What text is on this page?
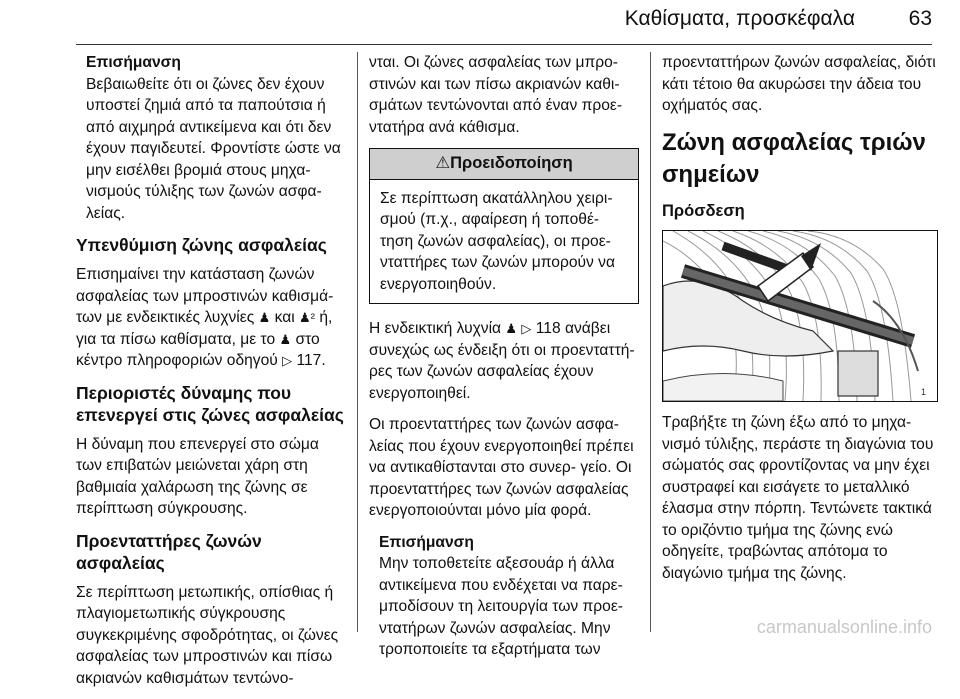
Καθίσματα, προσκέφαλα	63
Επισήμανση

Βεβαιωθείτε ότι οι ζώνες δεν έχουν υποστεί ζημιά από τα παπούτσια ή από αιχμηρά αντικείμενα και ότι δεν έχουν παγιδευτεί. Φροντίστε ώστε να μην εισέλθει βρομιά στους μηχα- νισμούς τύλιξης των ζωνών ασφα- λείας.

Υπενθύμιση ζώνης ασφαλείας

Επισημαίνει την κατάσταση ζωνών ασφαλείας των μπροστινών καθισμά- των με ενδεικτικές λυχνίες ♟ και ♟² ή, για τα πίσω καθίσματα, με το ♟ στο κέντρο πληροφοριών οδηγού ▷ 117.

Περιοριστές δύναμης που επενεργεί στις ζώνες ασφαλείας

Η δύναμη που επενεργεί στο σώμα των επιβατών μειώνεται χάρη στη βαθμιαία χαλάρωση της ζώνης σε περίπτωση σύγκρουσης.

Προενταττήρες ζωνών ασφαλείας

Σε περίπτωση μετωπικής, οπίσθιας ή πλαγιομετωπικής σύγκρουσης συγκεκριμένης σφοδρότητας, οι ζώνες ασφαλείας των μπροστινών και πίσω ακριανών καθισμάτων τεντώνο-

νται. Οι ζώνες ασφαλείας των μπρο- στινών και των πίσω ακριανών καθι- σμάτων τεντώνονται από έναν προε- ντατήρα ανά κάθισμα.

⚠Προειδοποίηση
Σε περίπτωση ακατάλληλου χειρι- σμού (π.χ., αφαίρεση ή τοποθέ- τηση ζωνών ασφαλείας), οι προε- νταττήρες των ζωνών μπορούν να ενεργοποιηθούν.

Η ενδεικτική λυχνία ♟ ▷ 118 ανάβει συνεχώς ως ένδειξη ότι οι προενταττή- ρες των ζωνών ασφαλείας έχουν ενεργοποιηθεί.

Οι προενταττήρες των ζωνών ασφα- λείας που έχουν ενεργοποιηθεί πρέπει να αντικαθίστανται στο συνερ- γείο. Οι προενταττήρες των ζωνών ασφαλείας ενεργοποιούνται μόνο μία φορά.

Επισήμανση

Μην τοποθετείτε αξεσουάρ ή άλλα αντικείμενα που ενδέχεται να παρε- μποδίσουν τη λειτουργία των προε- ντατήρων ζωνών ασφαλείας. Μην τροποποιείτε τα εξαρτήματα των

προενταττήρων ζωνών ασφαλείας, διότι κάτι τέτοιο θα ακυρώσει την άδεια του οχήματός σας.

Ζώνη ασφαλείας τριών σημείων
Πρόσδεση
1

Τραβήξτε τη ζώνη έξω από το μηχα- νισμό τύλιξης, περάστε τη διαγώνια του σώματός σας φροντίζοντας να μην έχει συστραφεί και εισάγετε το μεταλλικό έλασμα στην πόρπη. Τεντώνετε τακτικά το οριζόντιο τμήμα της ζώνης ενώ οδηγείτε, τραβώντας απότομα το διαγώνιο τμήμα της ζώνης.

carmanualsonline.info
